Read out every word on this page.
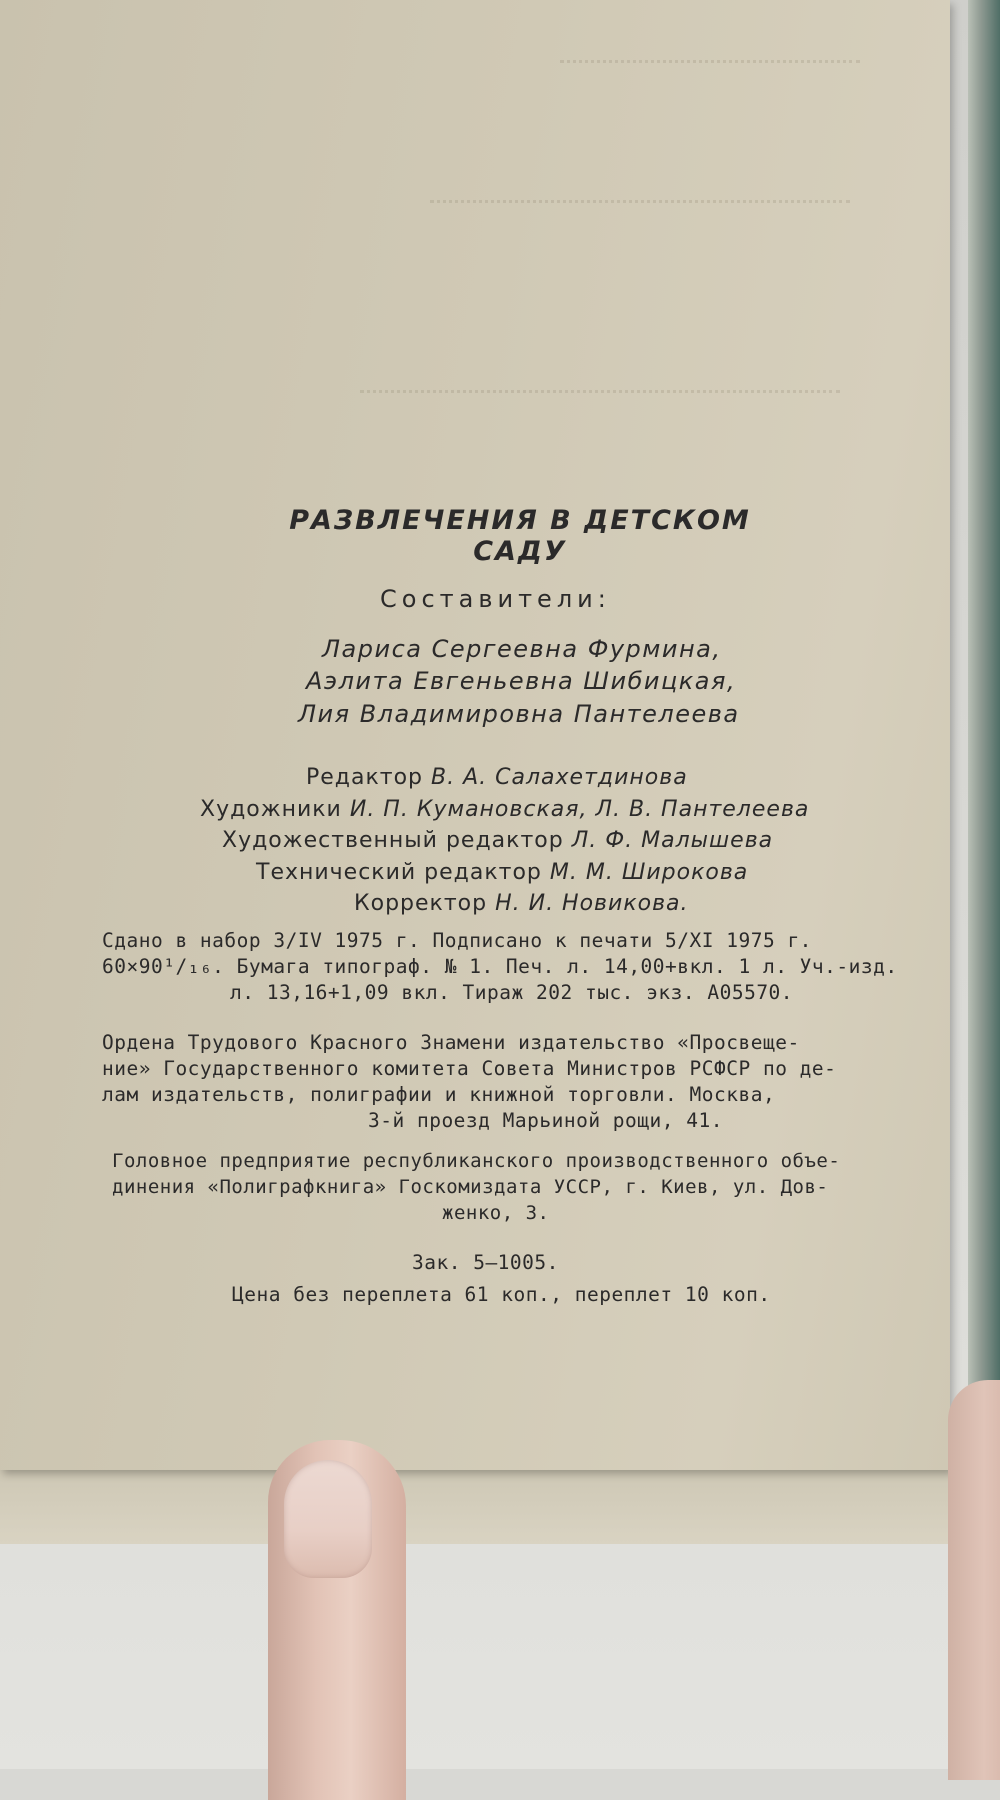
РАЗВЛЕЧЕНИЯ В ДЕТСКОМ САДУ
Составители:
Лариса Сергеевна Фурмина,
Аэлита Евгеньевна Шибицкая,
Лия Владимировна Пантелеева
Редактор В. А. Салахетдинова
Художники И. П. Кумановская, Л. В. Пантелеева
Художественный редактор Л. Ф. Малышева
Технический редактор М. М. Широкова
Корректор Н. И. Новикова.
Сдано в набор 3/IV 1975 г. Подписано к печати 5/XI 1975 г.
60×90¹/₁₆. Бумага типограф. № 1. Печ. л. 14,00+вкл. 1 л. Уч.-изд.
л. 13,16+1,09 вкл. Тираж 202 тыс. экз. А05570.
Ордена Трудового Красного Знамени издательство «Просвеще-
ние» Государственного комитета Совета Министров РСФСР по де-
лам издательств, полиграфии и книжной торговли. Москва,
3-й проезд Марьиной рощи, 41.
Головное предприятие республиканского производственного объе-
динения «Полиграфкнига» Госкомиздата УССР, г. Киев, ул. Дов-
женко, 3.
Зак. 5—1005.
Цена без переплета 61 коп., переплет 10 коп.
